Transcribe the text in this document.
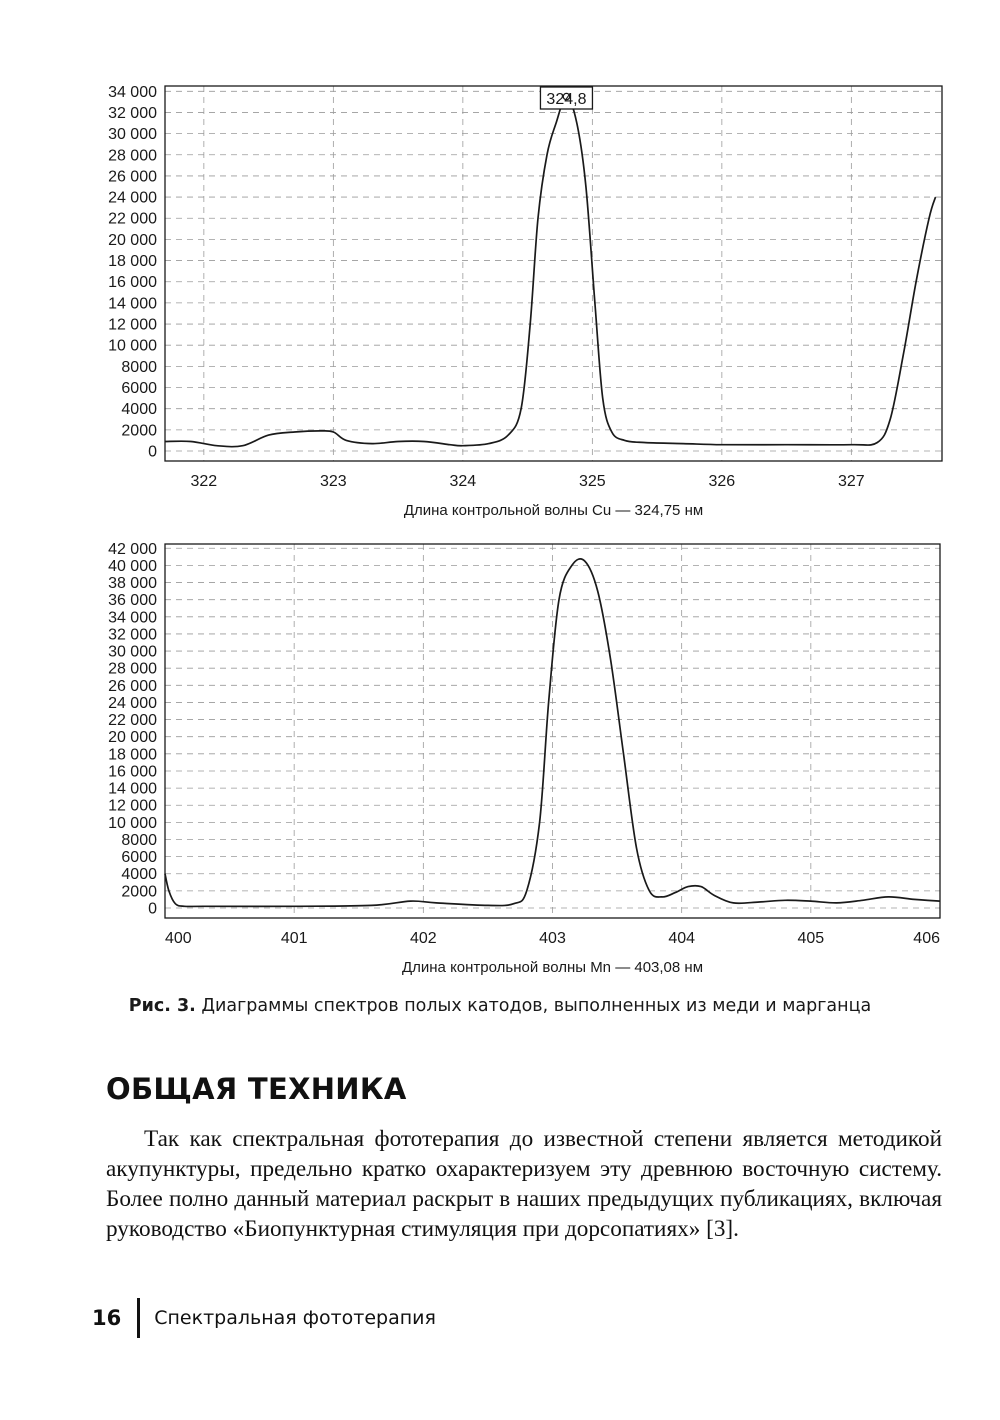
0
2000
4000
6000
8000
10 000
12 000
14 000
16 000
18 000
20 000
22 000
24 000
26 000
28 000
30 000
32 000
34 000
322	323	324	325	326	327
324,8
Длина контрольной волны Cu — 324,75 нм
0
2000
4000
6000
8000
10 000
12 000
14 000
16 000
18 000
20 000
22 000
24 000
26 000
28 000
30 000
32 000
34 000
36 000
38 000
40 000
42 000
400	401	402	403	404	405	406
Длина контрольной волны Mn — 403,08 нм
Рис. 3. Диаграммы спектров полых катодов, выполненных из меди и марганца
ОБЩАЯ ТЕХНИКА

Так как спектральная фототерапия до известной степени является методикой акупунктуры, предельно кратко охарактеризуем эту древнюю восточную систему. Более полно данный материал раскрыт в наших предыдущих публикациях, включая руководство «Биопунктурная стимуляция при дорсопатиях» [3].

16 Спектральная фототерапия
